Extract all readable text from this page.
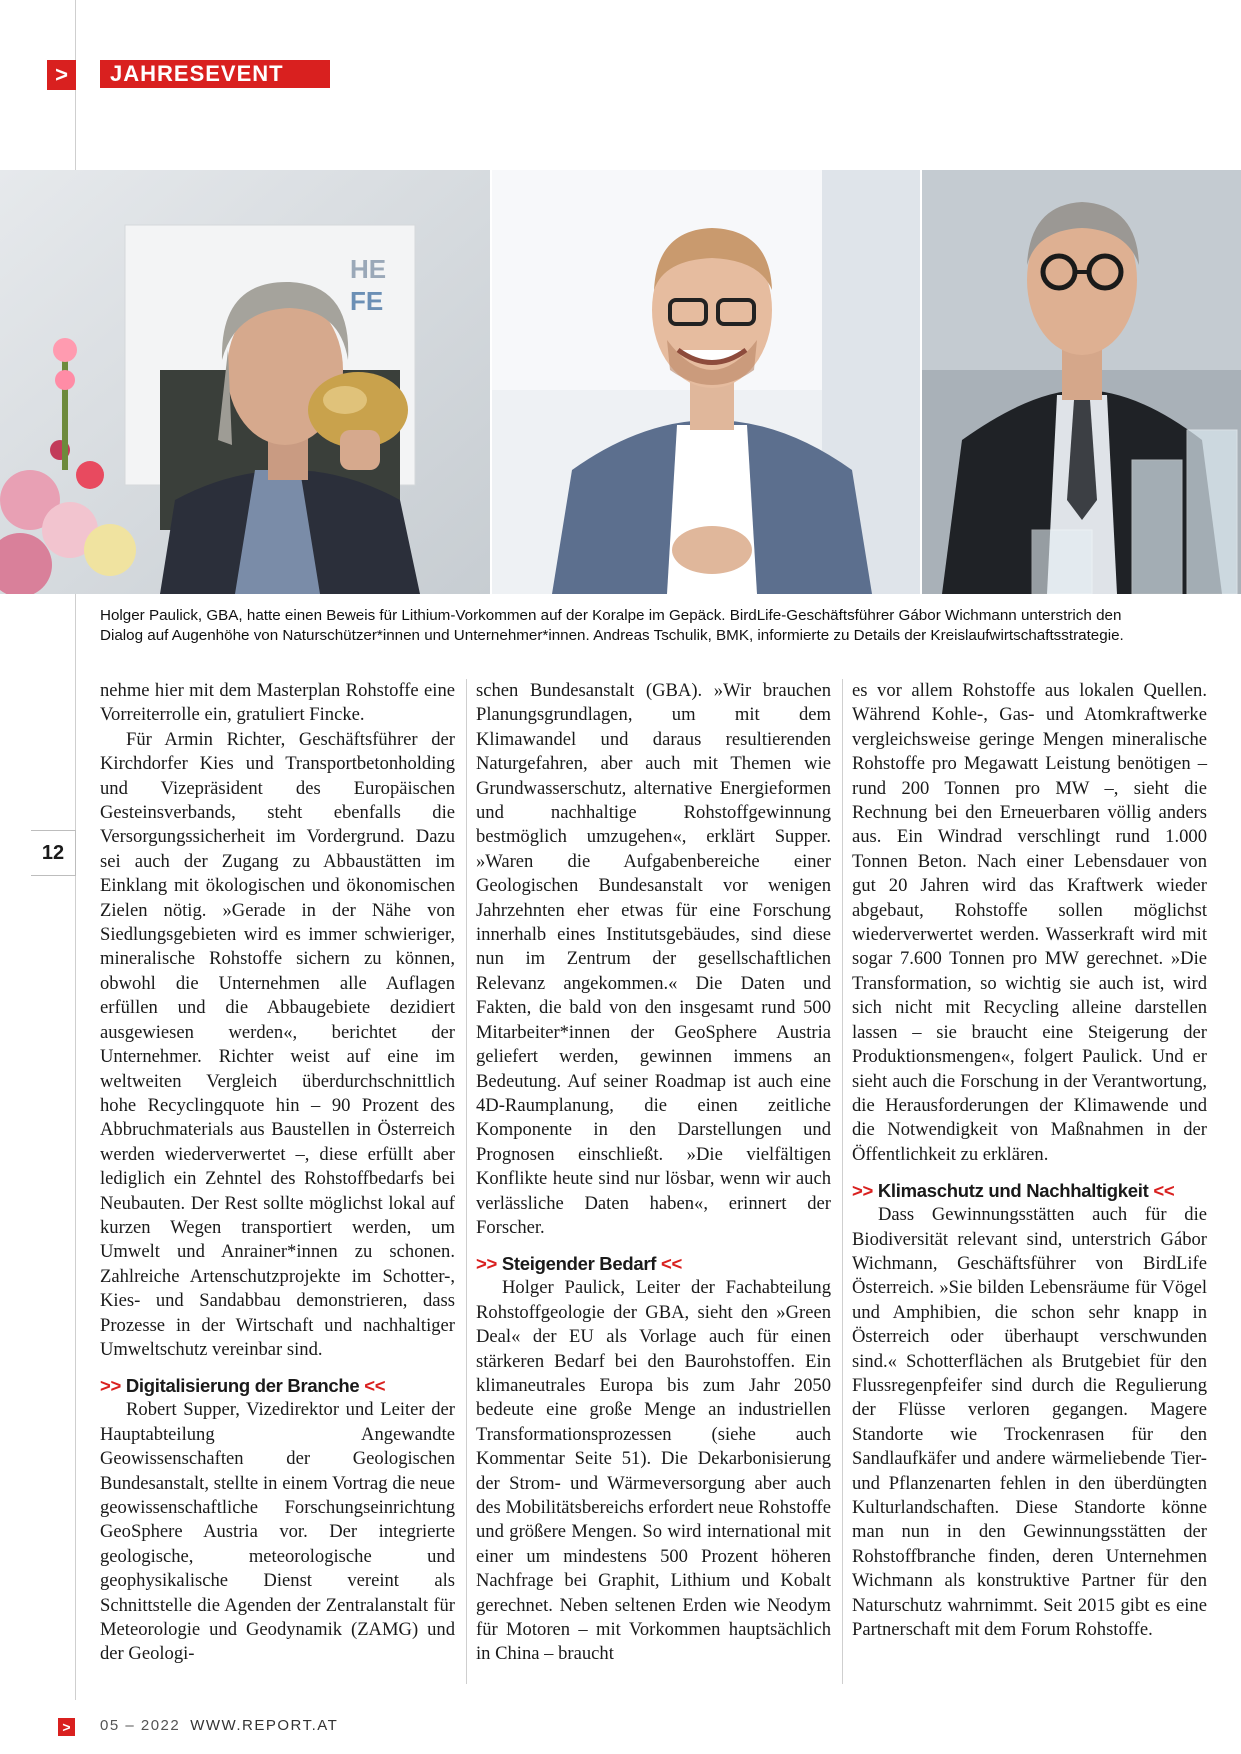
>	JAHRESEVENT
HE
FE
Holger Paulick, GBA, hatte einen Beweis für Lithium-Vorkommen auf der Koralpe im Gepäck. BirdLife-Geschäftsführer Gábor Wichmann unterstrich den Dialog auf Augenhöhe von Naturschützer*innen und Unternehmer*innen. Andreas Tschulik, BMK, informierte zu Details der Kreislaufwirtschaftsstrategie.
12

nehme hier mit dem Masterplan Rohstoffe eine Vorreiterrolle ein, gratuliert Fincke.

Für Armin Richter, Geschäftsführer der Kirchdorfer Kies und Transportbetonholding und Vizepräsident des Europäischen Gesteinsverbands, steht ebenfalls die Versorgungssicherheit im Vordergrund. Dazu sei auch der Zugang zu Abbaustätten im Einklang mit ökologischen und ökonomischen Zielen nötig. »Gerade in der Nähe von Siedlungsgebieten wird es immer schwieriger, mineralische Rohstoffe sichern zu können, obwohl die Unternehmen alle Auflagen erfüllen und die Abbaugebiete dezidiert ausgewiesen werden«, berichtet der Unternehmer. Richter weist auf eine im weltweiten Vergleich überdurchschnittlich hohe Recyclingquote hin – 90 Prozent des Abbruchmaterials aus Baustellen in Österreich werden wiederverwertet –, diese erfüllt aber lediglich ein Zehntel des Rohstoffbedarfs bei Neubauten. Der Rest sollte möglichst lokal auf kurzen Wegen transportiert werden, um Umwelt und Anrainer*innen zu schonen. Zahlreiche Artenschutzprojekte im Schotter-, Kies- und Sandabbau demonstrieren, dass Prozesse in der Wirtschaft und nachhaltiger Umweltschutz vereinbar sind.

>> Digitalisierung der Branche <<

Robert Supper, Vizedirektor und Leiter der Hauptabteilung Angewandte Geowissenschaften der Geologischen Bundesanstalt, stellte in einem Vortrag die neue geowissenschaftliche Forschungseinrichtung GeoSphere Austria vor. Der integrierte geologische, meteorologische und geophysikalische Dienst vereint als Schnittstelle die Agenden der Zentralanstalt für Meteorologie und Geodynamik (ZAMG) und der Geologi-

schen Bundesanstalt (GBA). »Wir brauchen Planungsgrundlagen, um mit dem Klimawandel und daraus resultierenden Naturgefahren, aber auch mit Themen wie Grundwasserschutz, alternative Energieformen und nachhaltige Rohstoffgewinnung bestmöglich umzugehen«, erklärt Supper. »Waren die Aufgabenbereiche einer Geologischen Bundesanstalt vor wenigen Jahrzehnten eher etwas für eine Forschung innerhalb eines Institutsgebäudes, sind diese nun im Zentrum der gesellschaftlichen Relevanz angekommen.« Die Daten und Fakten, die bald von den insgesamt rund 500 Mitarbeiter*innen der GeoSphere Austria geliefert werden, gewinnen immens an Bedeutung. Auf seiner Roadmap ist auch eine 4D-Raumplanung, die einen zeitliche Komponente in den Darstellungen und Prognosen einschließt. »Die vielfältigen Konflikte heute sind nur lösbar, wenn wir auch verlässliche Daten haben«, erinnert der Forscher.

>> Steigender Bedarf <<

Holger Paulick, Leiter der Fachabteilung Rohstoffgeologie der GBA, sieht den »Green Deal« der EU als Vorlage auch für einen stärkeren Bedarf bei den Baurohstoffen. Ein klimaneutrales Europa bis zum Jahr 2050 bedeute eine große Menge an industriellen Transformationsprozessen (siehe auch Kommentar Seite 51). Die Dekarbonisierung der Strom- und Wärmeversorgung aber auch des Mobilitätsbereichs erfordert neue Rohstoffe und größere Mengen. So wird international mit einer um mindestens 500 Prozent höheren Nachfrage bei Graphit, Lithium und Kobalt gerechnet. Neben seltenen Erden wie Neodym für Motoren – mit Vorkommen hauptsächlich in China – braucht

es vor allem Rohstoffe aus lokalen Quellen. Während Kohle-, Gas- und Atomkraftwerke vergleichsweise geringe Mengen mineralische Rohstoffe pro Megawatt Leistung benötigen – rund 200 Tonnen pro MW –, sieht die Rechnung bei den Erneuerbaren völlig anders aus. Ein Windrad verschlingt rund 1.000 Tonnen Beton. Nach einer Lebensdauer von gut 20 Jahren wird das Kraftwerk wieder abgebaut, Rohstoffe sollen möglichst wiederverwertet werden. Wasserkraft wird mit sogar 7.600 Tonnen pro MW gerechnet. »Die Transformation, so wichtig sie auch ist, wird sich nicht mit Recycling alleine darstellen lassen – sie braucht eine Steigerung der Produktionsmengen«, folgert Paulick. Und er sieht auch die Forschung in der Verantwortung, die Herausforderungen der Klimawende und die Notwendigkeit von Maßnahmen in der Öffentlichkeit zu erklären.

>> Klimaschutz und Nachhaltigkeit <<

Dass Gewinnungsstätten auch für die Biodiversität relevant sind, unterstrich Gábor Wichmann, Geschäftsführer von BirdLife Österreich. »Sie bilden Lebensräume für Vögel und Amphibien, die schon sehr knapp in Österreich oder überhaupt verschwunden sind.« Schotterflächen als Brutgebiet für den Flussregenpfeifer sind durch die Regulierung der Flüsse verloren gegangen. Magere Standorte wie Trockenrasen für den Sandlaufkäfer und andere wärmeliebende Tier- und Pflanzenarten fehlen in den überdüngten Kulturlandschaften. Diese Standorte könne man nun in den Gewinnungsstätten der Rohstoffbranche finden, deren Unternehmen Wichmann als konstruktive Partner für den Naturschutz wahrnimmt. Seit 2015 gibt es eine Partnerschaft mit dem Forum Rohstoffe.

> 05 – 2022 WWW.REPORT.AT
